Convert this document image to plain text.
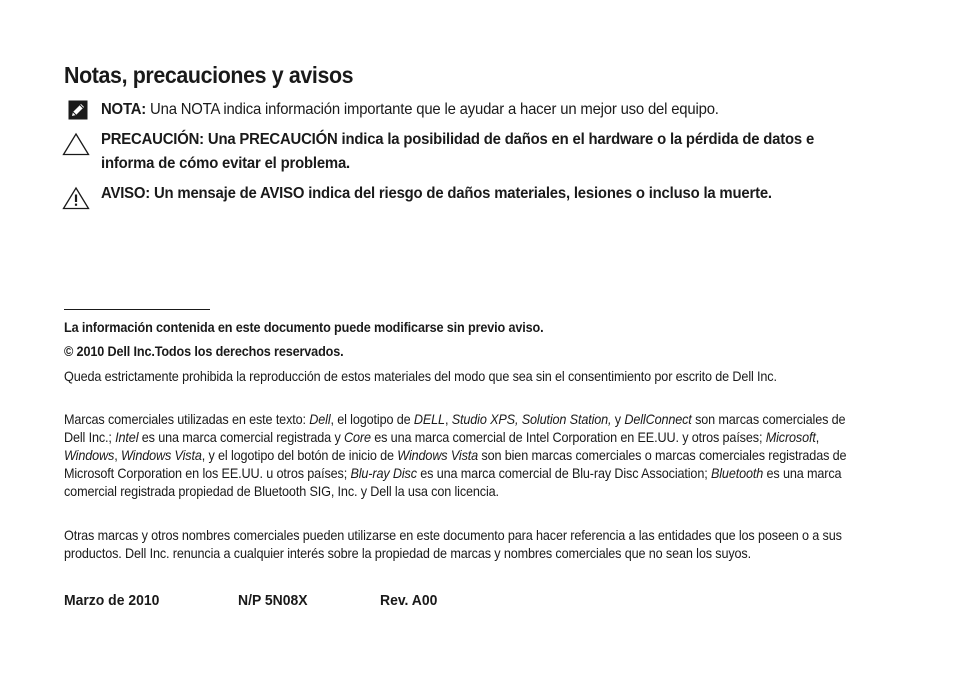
Notas, precauciones y avisos
NOTA: Una NOTA indica información importante que le ayudar a hacer un mejor uso del equipo.
PRECAUCIÓN: Una PRECAUCIÓN indica la posibilidad de daños en el hardware o la pérdida de datos e informa de cómo evitar el problema.
AVISO: Un mensaje de AVISO indica del riesgo de daños materiales, lesiones o incluso la muerte.
La información contenida en este documento puede modificarse sin previo aviso.
© 2010 Dell Inc.Todos los derechos reservados.
Queda estrictamente prohibida la reproducción de estos materiales del modo que sea sin el consentimiento por escrito de Dell Inc.
Marcas comerciales utilizadas en este texto: Dell, el logotipo de DELL, Studio XPS, Solution Station, y DellConnect son marcas comerciales de Dell Inc.; Intel es una marca comercial registrada y Core es una marca comercial de Intel Corporation en EE.UU. y otros países; Microsoft, Windows, Windows Vista, y el logotipo del botón de inicio de Windows Vista son bien marcas comerciales o marcas comerciales registradas de Microsoft Corporation en los EE.UU. u otros países; Blu-ray Disc es una marca comercial de Blu-ray Disc Association; Bluetooth es una marca comercial registrada propiedad de Bluetooth SIG, Inc. y Dell la usa con licencia.
Otras marcas y otros nombres comerciales pueden utilizarse en este documento para hacer referencia a las entidades que los poseen o a sus productos. Dell Inc. renuncia a cualquier interés sobre la propiedad de marcas y nombres comerciales que no sean los suyos.
Marzo de 2010	N/P 5N08X	Rev. A00
